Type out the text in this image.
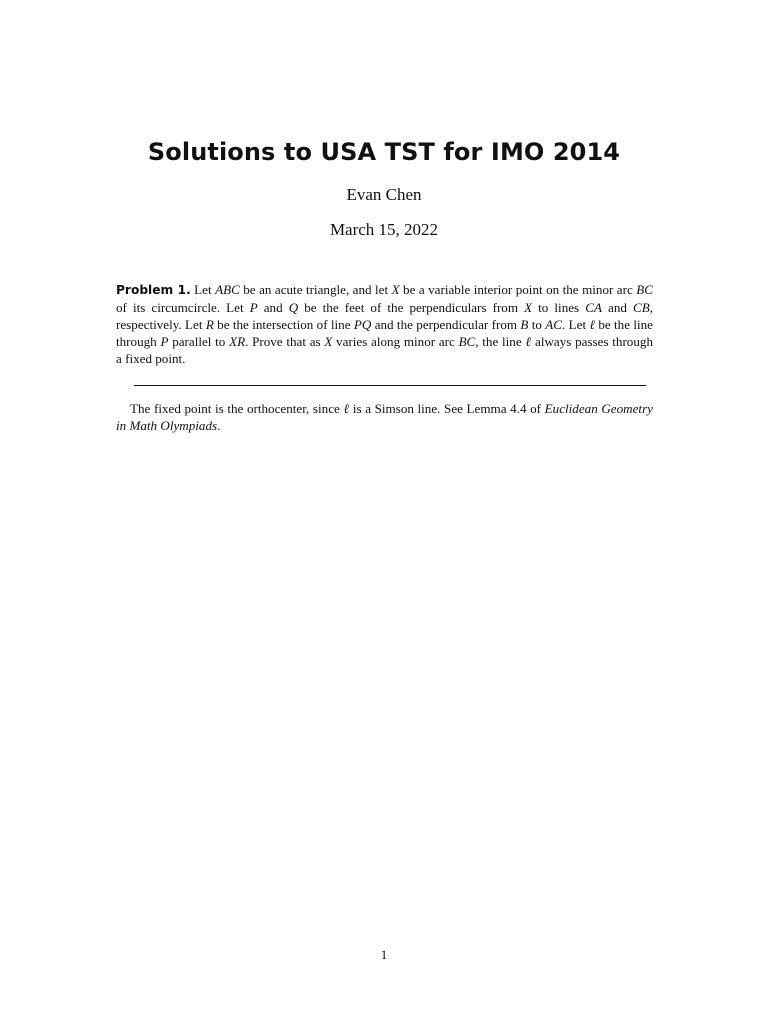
Solutions to USA TST for IMO 2014
Evan Chen
March 15, 2022
Problem 1. Let ABC be an acute triangle, and let X be a variable interior point on the minor arc BC of its circumcircle. Let P and Q be the feet of the perpendiculars from X to lines CA and CB, respectively. Let R be the intersection of line PQ and the perpendicular from B to AC. Let ℓ be the line through P parallel to XR. Prove that as X varies along minor arc BC, the line ℓ always passes through a fixed point.
The fixed point is the orthocenter, since ℓ is a Simson line. See Lemma 4.4 of Euclidean Geometry in Math Olympiads.
1
